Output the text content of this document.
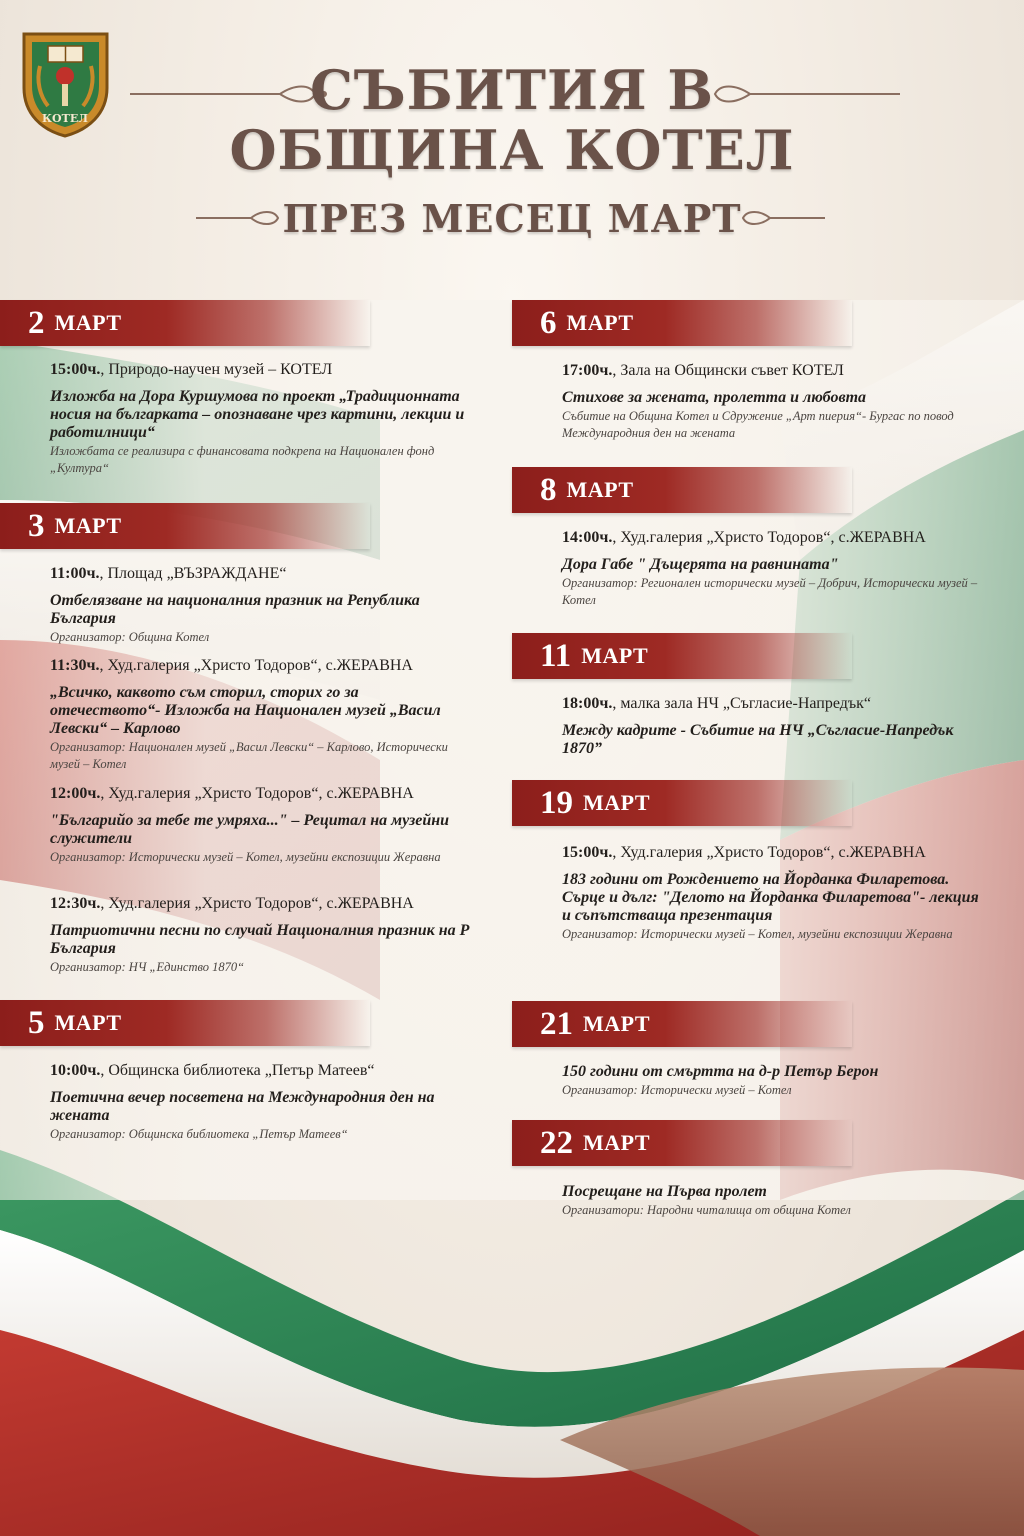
КОТЕЛ	СЪБИТИЯ В
ОБЩИНА КОТЕЛ
ПРЕЗ МЕСЕЦ МАРТ
2 МАРТ
15:00ч., Природо-научен музей – КОТЕЛ
Изложба на Дора Куршумова по проект „Традиционната носия на българката – опознаване чрез картини, лекции и работилници“
Изложбата се реализира с финансовата подкрепа на Национален фонд „Култура“
3 МАРТ
11:00ч., Площад „ВЪЗРАЖДАНЕ“
Отбелязване на националния празник на Република България
Организатор: Община Котел
11:30ч., Худ.галерия „Христо Тодоров“, с.ЖЕРАВНА
„Всичко, каквото съм сторил, сторих го за отечеството“- Изложба на Национален музей „Васил Левски“ – Карлово
Организатор: Национален музей „Васил Левски“ – Карлово, Исторически музей – Котел
12:00ч., Худ.галерия „Христо Тодоров“, с.ЖЕРАВНА
"Българийо за тебе те умряха..." – Рецитал на музейни служители
Организатор: Исторически музей – Котел, музейни експозиции Жеравна
12:30ч., Худ.галерия „Христо Тодоров“, с.ЖЕРАВНА
Патриотични песни по случай Националния празник на Р България
Организатор: НЧ „Единство 1870“
5 МАРТ
10:00ч., Общинска библиотека „Петър Матеев“
Поетична вечер посветена на Международния ден на жената
Организатор: Общинска библиотека „Петър Матеев“
6 МАРТ
17:00ч., Зала на Общински съвет КОТЕЛ
Стихове за жената, пролетта и любовта
Събитие на Община Котел и Сдружение „Арт пиерия“- Бургас по повод Международния ден на жената
8 МАРТ
14:00ч., Худ.галерия „Христо Тодоров“, с.ЖЕРАВНА
Дора Габе " Дъщерята на равнината"
Организатор: Регионален исторически музей – Добрич, Исторически музей – Котел
11 МАРТ
18:00ч., малка зала НЧ „Съгласие-Напредък“
Между кадрите - Събитие на НЧ „Съгласие-Напредък 1870”
19 МАРТ
15:00ч., Худ.галерия „Христо Тодоров“, с.ЖЕРАВНА
183 години от Рождението на Йорданка Филаретова. Сърце и дълг: "Делото на Йорданка Филаретова"- лекция и съпътстваща презентация
Организатор: Исторически музей – Котел, музейни експозиции Жеравна
21 МАРТ
150 години от смъртта на д-р Петър Берон
Организатор: Исторически музей – Котел
22 МАРТ
Посрещане на Първа пролет
Организатори: Народни читалища от община Котел
